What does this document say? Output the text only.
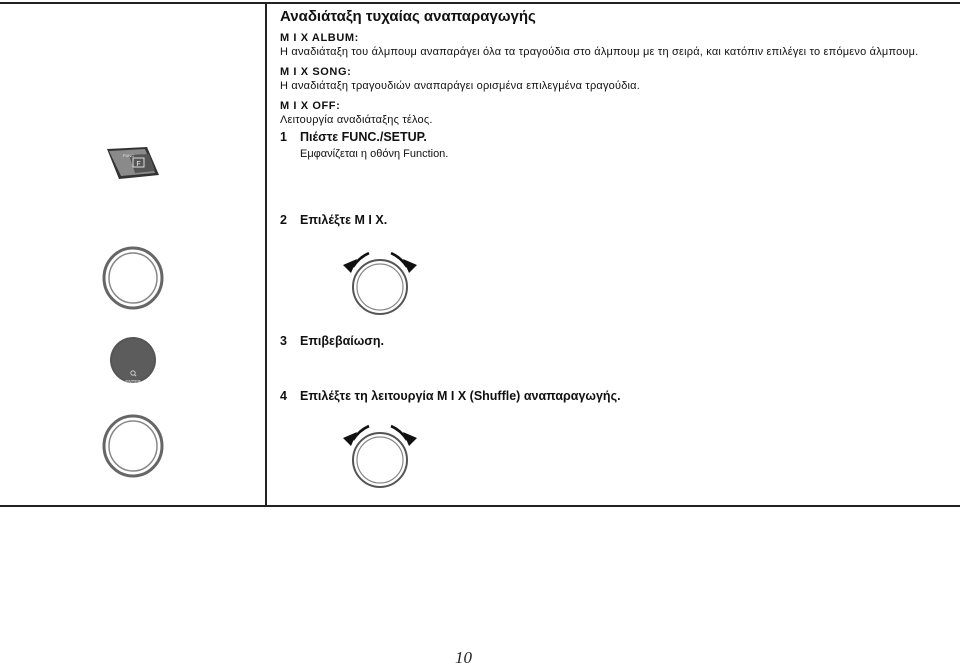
F
FUNC
ENTER
Αναδιάταξη τυχαίας αναπαραγωγής

M I X ALBUM:

Η αναδιάταξη του άλμπουμ αναπαράγει όλα τα τραγούδια στο άλμπουμ με τη σειρά, και κατόπιν επιλέγει το επόμενο άλμπουμ.

M I X SONG:

Η αναδιάταξη τραγουδιών αναπαράγει ορισμένα επιλεγμένα τραγούδια.

M I X OFF:

Λειτουργία αναδιάταξης τέλος.

1 Πιέστε FUNC./SETUP.

Εμφανίζεται η οθόνη Function.

2 Επιλέξτε M I X.
3 Επιβεβαίωση.
4 Επιλέξτε τη λειτουργία M I X (Shuffle) αναπαραγωγής.
10
